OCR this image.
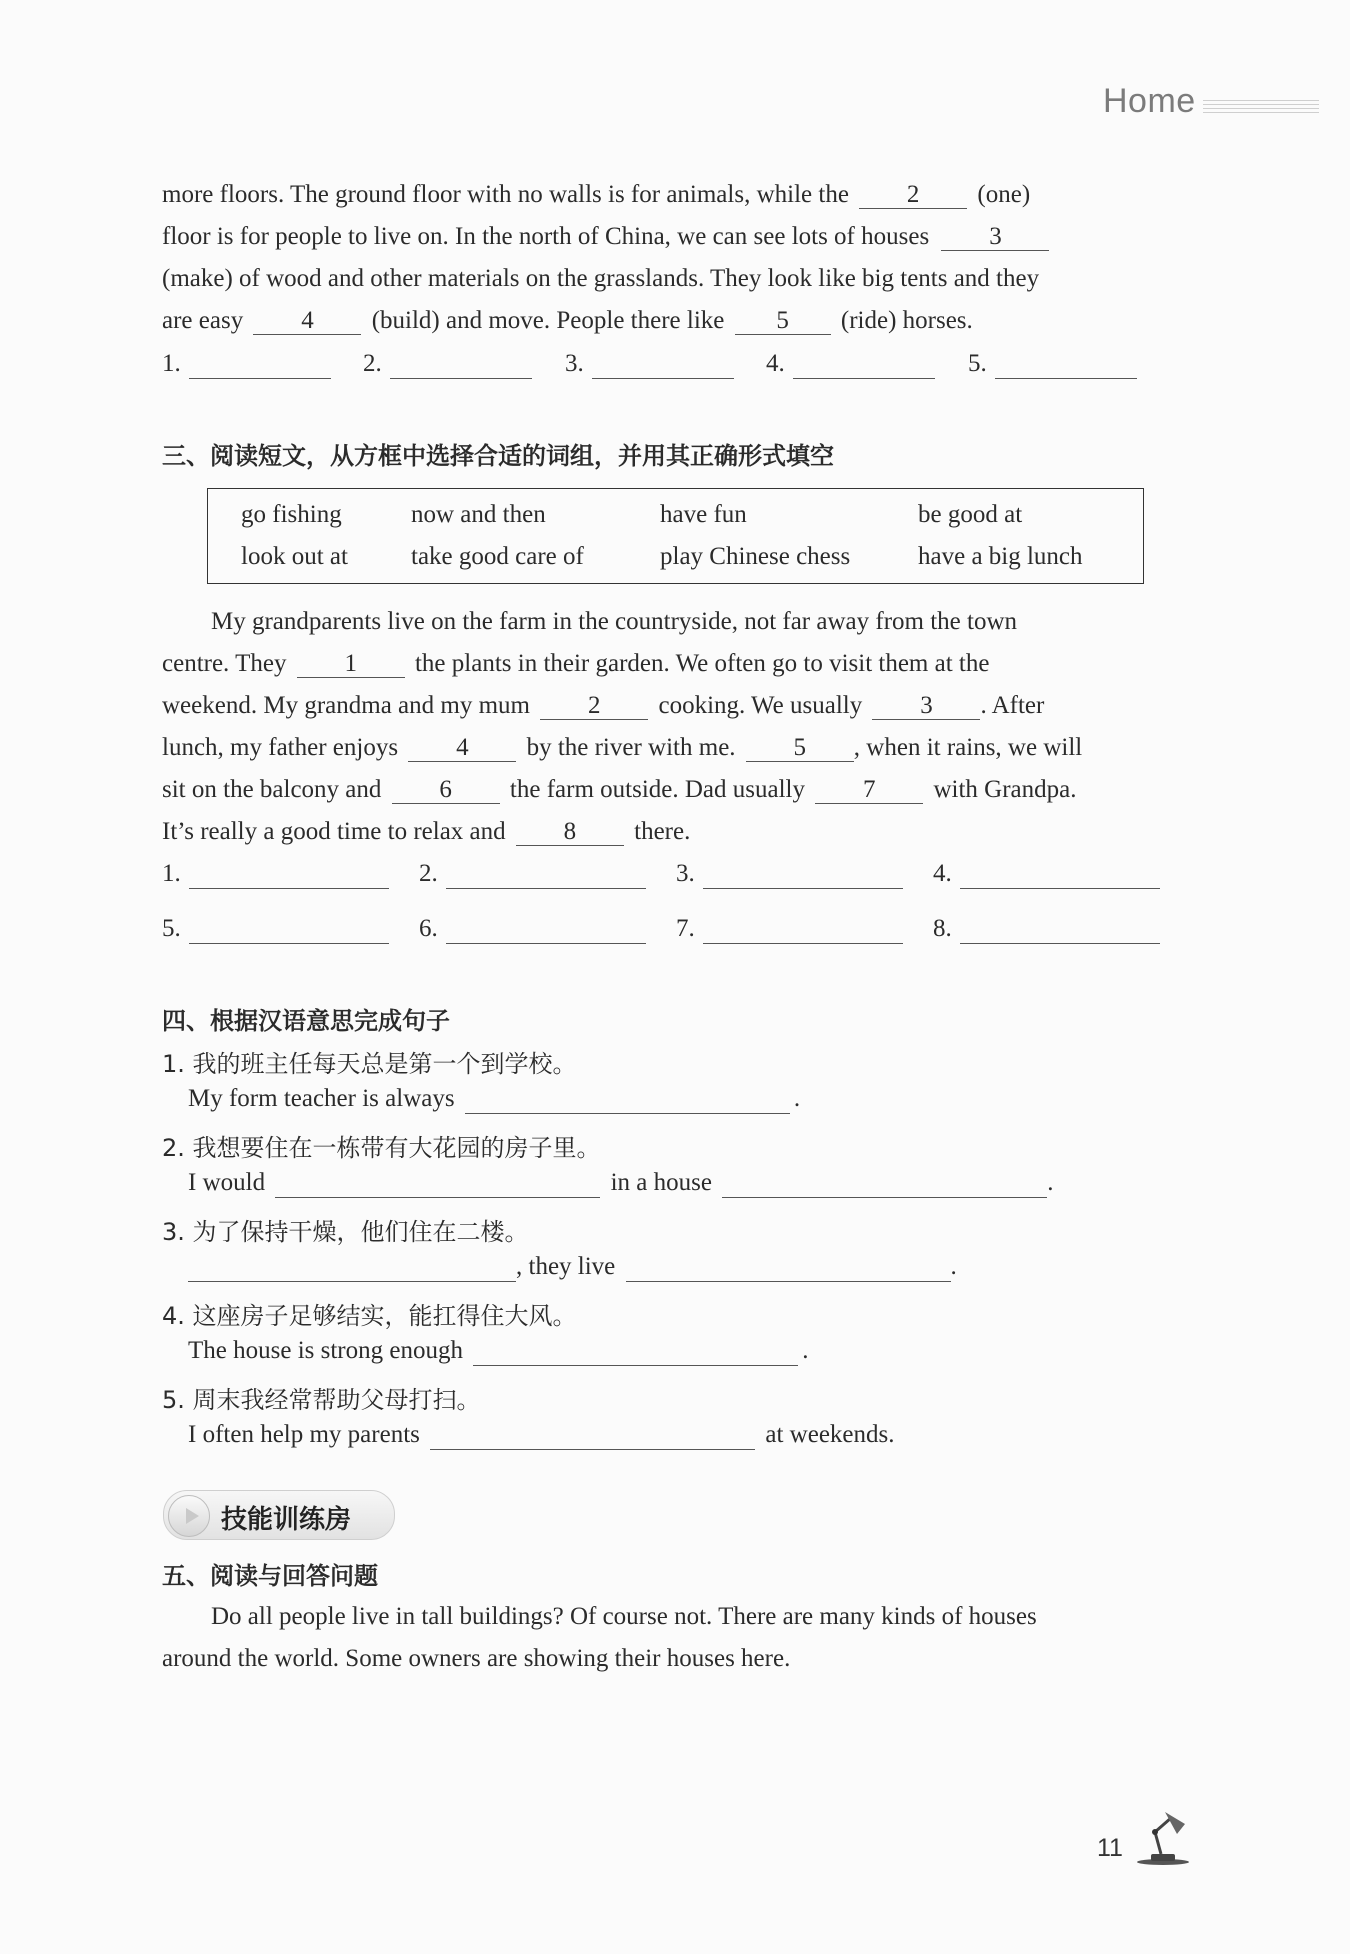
Home
more floors. The ground floor with no walls is for animals, while the 2 (one)
floor is for people to live on. In the north of China, we can see lots of houses 3
(make) of wood and other materials on the grasslands. They look like big tents and they
are easy 4 (build) and move. People there like 5 (ride) horses.
1.	2.	3.	4.	5.
三、阅读短文，从方框中选择合适的词组，并用其正确形式填空
go fishing	now and then	have fun	be good at
look out at	take good care of	play Chinese chess	have a big lunch
My grandparents live on the farm in the countryside, not far away from the town
centre. They 1 the plants in their garden. We often go to visit them at the
weekend. My grandma and my mum 2 cooking. We usually 3 . After
lunch, my father enjoys 4 by the river with me. 5 , when it rains, we will
sit on the balcony and 6 the farm outside. Dad usually 7 with Grandpa.
It’s really a good time to relax and 8 there.
1.	2.	3.	4.
5.	6.	7.	8.
四、根据汉语意思完成句子
1. 我的班主任每天总是第一个到学校。
My form teacher is always	.
2. 我想要住在一栋带有大花园的房子里。
I would	in a house	.
3. 为了保持干燥，他们住在二楼。
, they live	.
4. 这座房子足够结实，能扛得住大风。
The house is strong enough	.
5. 周末我经常帮助父母打扫。
I often help my parents	at weekends.
技能训练房
五、阅读与回答问题
Do all people live in tall buildings? Of course not. There are many kinds of houses
around the world. Some owners are showing their houses here.
11
